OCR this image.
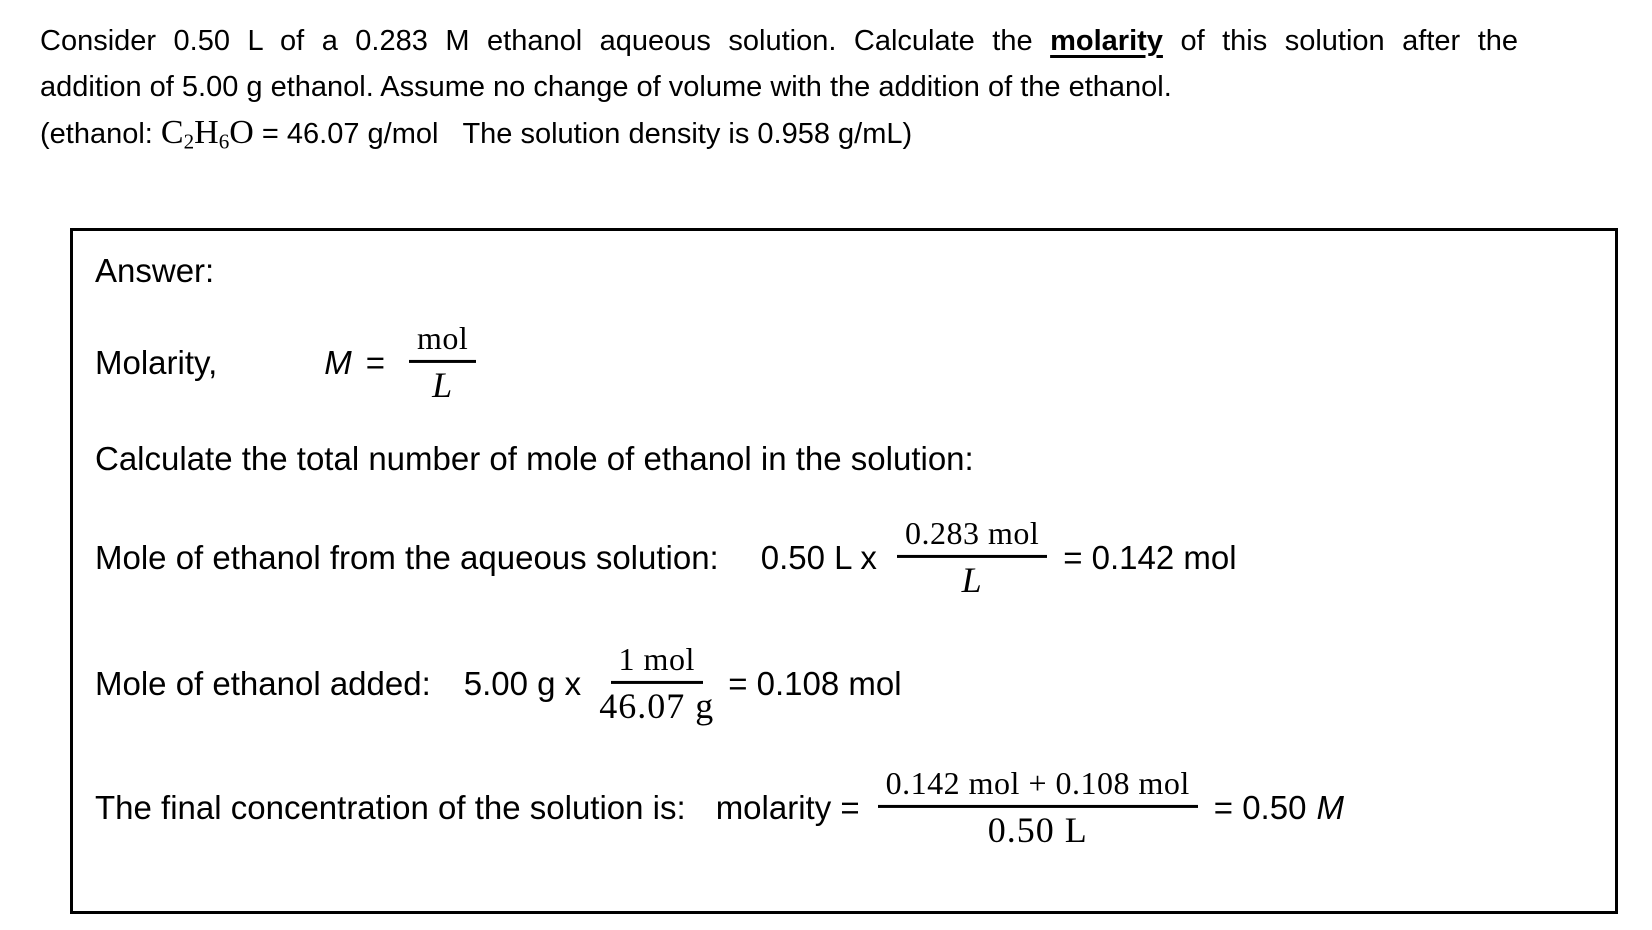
Consider 0.50 L of a 0.283 M ethanol aqueous solution. Calculate the molarity of this solution after the
addition of 5.00 g ethanol. Assume no change of volume with the addition of the ethanol.
(ethanol: $C_2H_6O = 46.07$ g/mol The solution density is 0.958 g/mL)
Answer:
Molarity,	$M = \frac{\text{mol}}{L}$
Calculate the total number of mole of ethanol in the solution:
Mole of ethanol from the aqueous solution: 0.50 L x $\frac{\text{0.283 mol}}{L} = 0.142$ mol
Mole of ethanol added: 5.00 g x $\frac{\text{1 mol}}{46.07 g} = 0.108$ mol
The final concentration of the solution is: molarity = $\frac{\text{0.142 mol + 0.108 mol}}{0.50 L} = 0.50$ M
